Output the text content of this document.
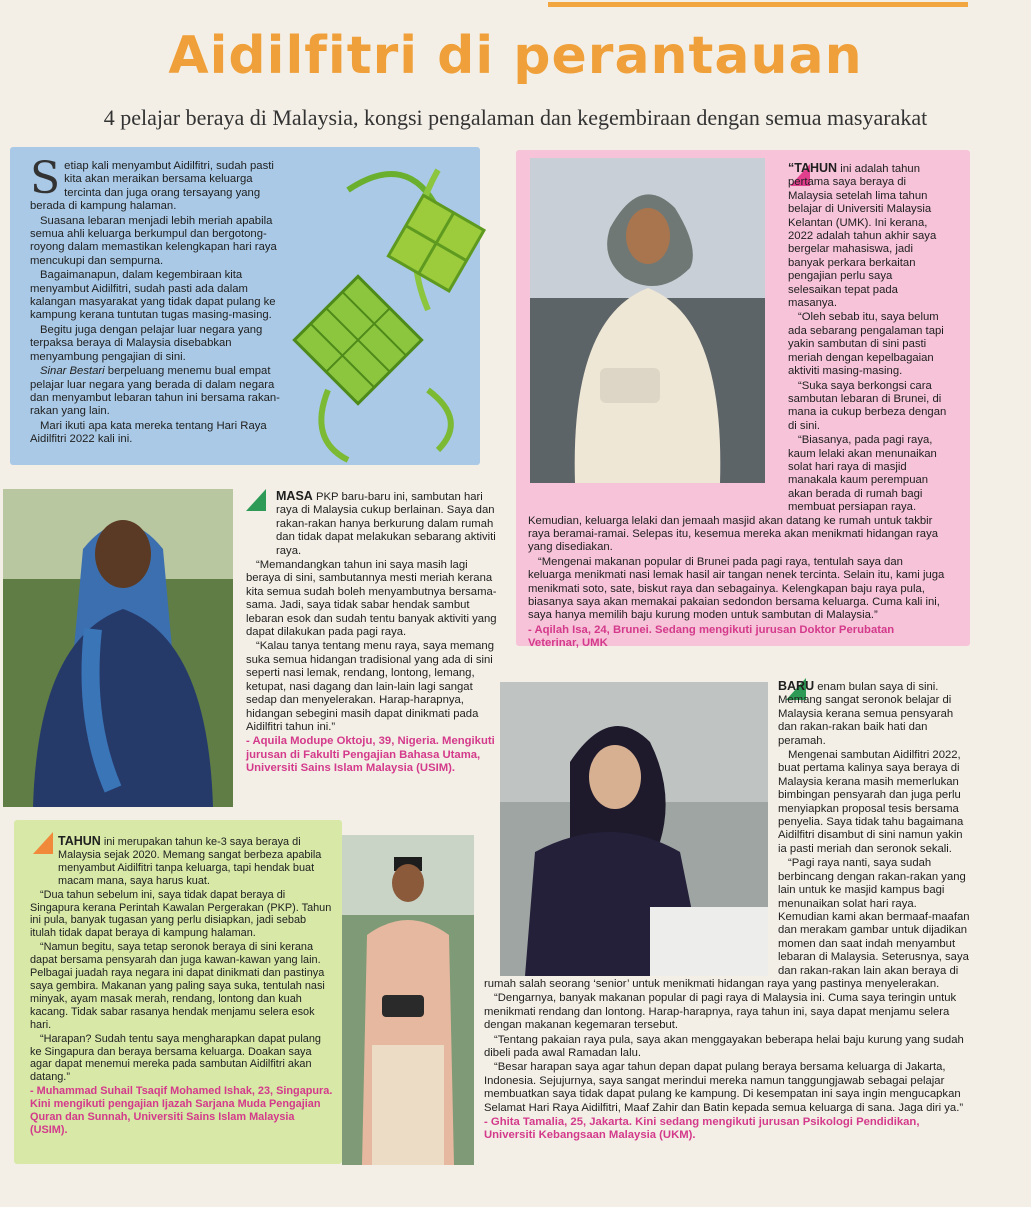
Aidilfitri di perantauan
4 pelajar beraya di Malaysia, kongsi pengalaman dan kegembiraan dengan semua masyarakat
S etiap kali menyambut Aidilfitri, sudah pasti kita akan meraikan bersama keluarga tercinta dan juga orang tersayang yang berada di kampung halaman.

Suasana lebaran menjadi lebih meriah apabila semua ahli keluarga berkumpul dan bergotong-royong dalam memastikan kelengkapan hari raya mencukupi dan sempurna.

Bagaimanapun, dalam kegembiraan kita menyambut Aidilfitri, sudah pasti ada dalam kalangan masyarakat yang tidak dapat pulang ke kampung kerana tuntutan tugas masing-masing.

Begitu juga dengan pelajar luar negara yang terpaksa beraya di Malaysia disebabkan menyambung pengajian di sini.

Sinar Bestari berpeluang menemu bual empat pelajar luar negara yang berada di dalam negara dan menyambut lebaran tahun ini bersama rakan-rakan yang lain.

Mari ikuti apa kata mereka tentang Hari Raya Aidilfitri 2022 kali ini.

“TAHUN ini adalah tahun pertama saya beraya di Malaysia setelah lima tahun belajar di Universiti Malaysia Kelantan (UMK). Ini kerana, 2022 adalah tahun akhir saya bergelar mahasiswa, jadi banyak perkara berkaitan pengajian perlu saya selesaikan tepat pada masanya.

“Oleh sebab itu, saya belum ada sebarang pengalaman tapi yakin sambutan di sini pasti meriah dengan kepelbagaian aktiviti masing-masing.

“Suka saya berkongsi cara sambutan lebaran di Brunei, di mana ia cukup berbeza dengan di sini.

“Biasanya, pada pagi raya, kaum lelaki akan menunaikan solat hari raya di masjid manakala kaum perempuan akan berada di rumah bagi membuat persiapan raya. Kemudian, keluarga lelaki dan jemaah masjid akan datang ke rumah untuk takbir raya beramai-ramai. Selepas itu, kesemua mereka akan menikmati hidangan raya yang disediakan.

“Mengenai makanan popular di Brunei pada pagi raya, tentulah saya dan keluarga menikmati nasi lemak hasil air tangan nenek tercinta. Selain itu, kami juga menikmati soto, sate, biskut raya dan sebagainya. Kelengkapan baju raya pula, biasanya saya akan memakai pakaian sedondon bersama keluarga. Cuma kali ini, saya hanya memilih baju kurung moden untuk sambutan di Malaysia.”

- Aqilah Isa, 24, Brunei. Sedang mengikuti jurusan Doktor Perubatan Veterinar, UMK

MASA PKP baru-baru ini, sambutan hari raya di Malaysia cukup berlainan. Saya dan rakan-rakan hanya berkurung dalam rumah dan tidak dapat melakukan sebarang aktiviti raya.

“Memandangkan tahun ini saya masih lagi beraya di sini, sambutannya mesti meriah kerana kita semua sudah boleh menyambutnya bersama-sama. Jadi, saya tidak sabar hendak sambut lebaran esok dan sudah tentu banyak aktiviti yang dapat dilakukan pada pagi raya.

“Kalau tanya tentang menu raya, saya memang suka semua hidangan tradisional yang ada di sini seperti nasi lemak, rendang, lontong, lemang, ketupat, nasi dagang dan lain-lain lagi sangat sedap dan menyelerakan. Harap-harapnya, hidangan sebegini masih dapat dinikmati pada Aidilfitri tahun ini.”

- Aquila Modupe Oktoju, 39, Nigeria. Mengikuti jurusan di Fakulti Pengajian Bahasa Utama, Universiti Sains Islam Malaysia (USIM).

TAHUN ini merupakan tahun ke-3 saya beraya di Malaysia sejak 2020. Memang sangat berbeza apabila menyambut Aidilfitri tanpa keluarga, tapi hendak buat macam mana, saya harus kuat.

“Dua tahun sebelum ini, saya tidak dapat beraya di Singapura kerana Perintah Kawalan Pergerakan (PKP). Tahun ini pula, banyak tugasan yang perlu disiapkan, jadi sebab itulah tidak dapat beraya di kampung halaman.

“Namun begitu, saya tetap seronok beraya di sini kerana dapat bersama pensyarah dan juga kawan-kawan yang lain. Pelbagai juadah raya negara ini dapat dinikmati dan pastinya saya gembira. Makanan yang paling saya suka, tentulah nasi minyak, ayam masak merah, rendang, lontong dan kuah kacang. Tidak sabar rasanya hendak menjamu selera esok hari.

“Harapan? Sudah tentu saya mengharapkan dapat pulang ke Singapura dan beraya bersama keluarga. Doakan saya agar dapat menemui mereka pada sambutan Aidilfitri akan datang.”

- Muhammad Suhail Tsaqif Mohamed Ishak, 23, Singapura. Kini mengikuti pengajian Ijazah Sarjana Muda Pengajian Quran dan Sunnah, Universiti Sains Islam Malaysia (USIM).

BARU enam bulan saya di sini. Memang sangat seronok belajar di Malaysia kerana semua pensyarah dan rakan-rakan baik hati dan peramah.

Mengenai sambutan Aidilfitri 2022, buat pertama kalinya saya beraya di Malaysia kerana masih memerlukan bimbingan pensyarah dan juga perlu menyiapkan proposal tesis bersama penyelia. Saya tidak tahu bagaimana Aidilfitri disambut di sini namun yakin ia pasti meriah dan seronok sekali.

“Pagi raya nanti, saya sudah berbincang dengan rakan-rakan yang lain untuk ke masjid kampus bagi menunaikan solat hari raya. Kemudian kami akan bermaaf-maafan dan merakam gambar untuk dijadikan momen dan saat indah menyambut lebaran di Malaysia. Seterusnya, saya dan rakan-rakan lain akan beraya di rumah salah seorang ‘senior’ untuk menikmati hidangan raya yang pastinya menyelerakan.

“Dengarnya, banyak makanan popular di pagi raya di Malaysia ini. Cuma saya teringin untuk menikmati rendang dan lontong. Harap-harapnya, raya tahun ini, saya dapat menjamu selera dengan makanan kegemaran tersebut.

“Tentang pakaian raya pula, saya akan menggayakan beberapa helai baju kurung yang sudah dibeli pada awal Ramadan lalu.

“Besar harapan saya agar tahun depan dapat pulang beraya bersama keluarga di Jakarta, Indonesia. Sejujurnya, saya sangat merindui mereka namun tanggungjawab sebagai pelajar membuatkan saya tidak dapat pulang ke kampung. Di kesempatan ini saya ingin mengucapkan Selamat Hari Raya Aidilfitri, Maaf Zahir dan Batin kepada semua keluarga di sana. Jaga diri ya.”

- Ghita Tamalia, 25, Jakarta. Kini sedang mengikuti jurusan Psikologi Pendidikan, Universiti Kebangsaan Malaysia (UKM).
